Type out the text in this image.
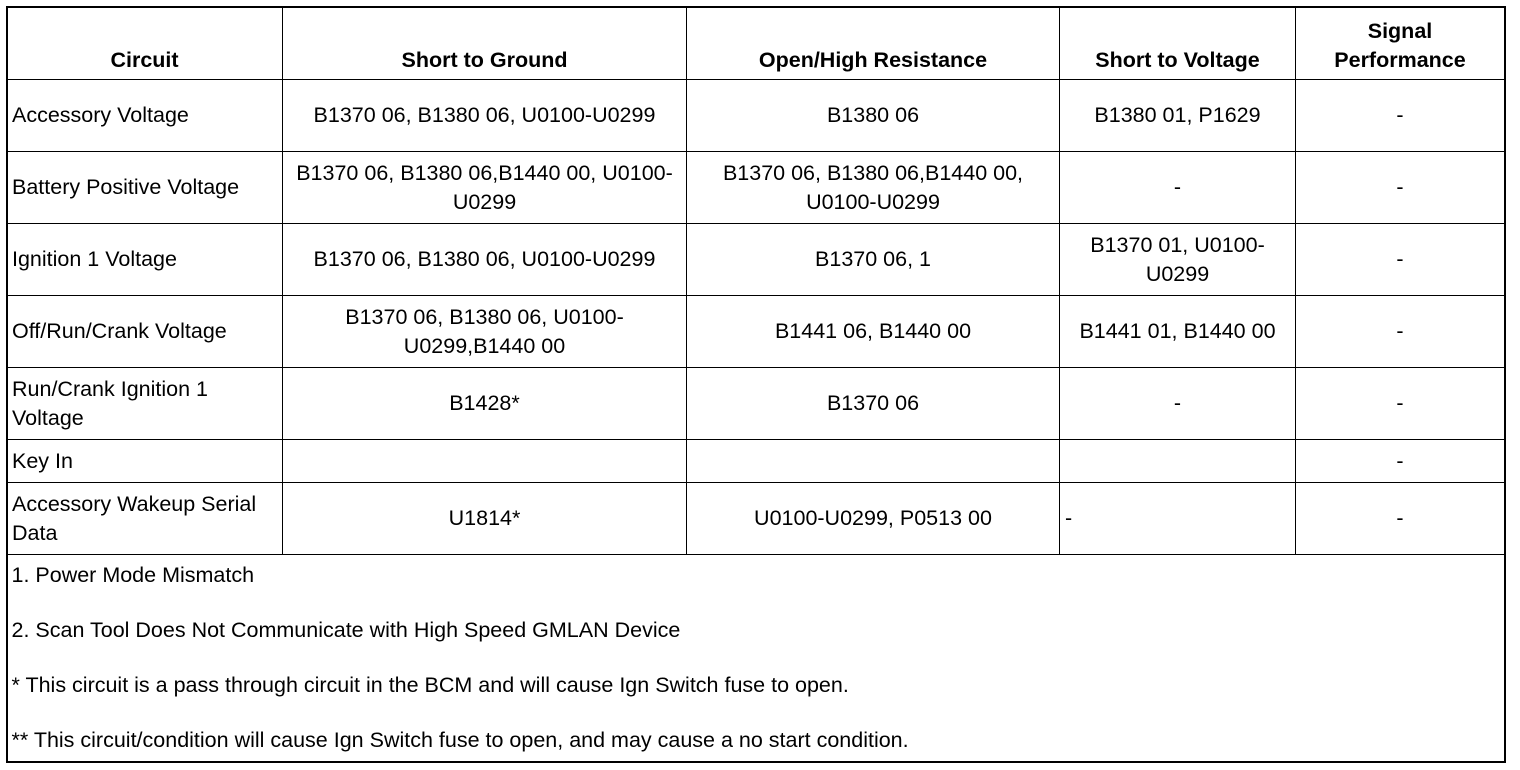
Circuit	Short to Ground	Open/High Resistance	Short to Voltage	Signal Performance
Accessory Voltage	B1370 06, B1380 06, U0100-U0299	B1380 06	B1380 01, P1629	-
Battery Positive Voltage	B1370 06, B1380 06,B1440 00, U0100-U0299	B1370 06, B1380 06,B1440 00, U0100-U0299	-	-
Ignition 1 Voltage	B1370 06, B1380 06, U0100-U0299	B1370 06, 1	B1370 01, U0100-U0299	-
Off/Run/Crank Voltage	B1370 06, B1380 06, U0100-U0299,B1440 00	B1441 06, B1440 00	B1441 01, B1440 00	-
Run/Crank Ignition 1 Voltage	B1428*	B1370 06	-	-
Key In				-
Accessory Wakeup Serial Data	U1814*	U0100-U0299, P0513 00	-	-

1. Power Mode Mismatch
2. Scan Tool Does Not Communicate with High Speed GMLAN Device
* This circuit is a pass through circuit in the BCM and will cause Ign Switch fuse to open.
** This circuit/condition will cause Ign Switch fuse to open, and may cause a no start condition.				
